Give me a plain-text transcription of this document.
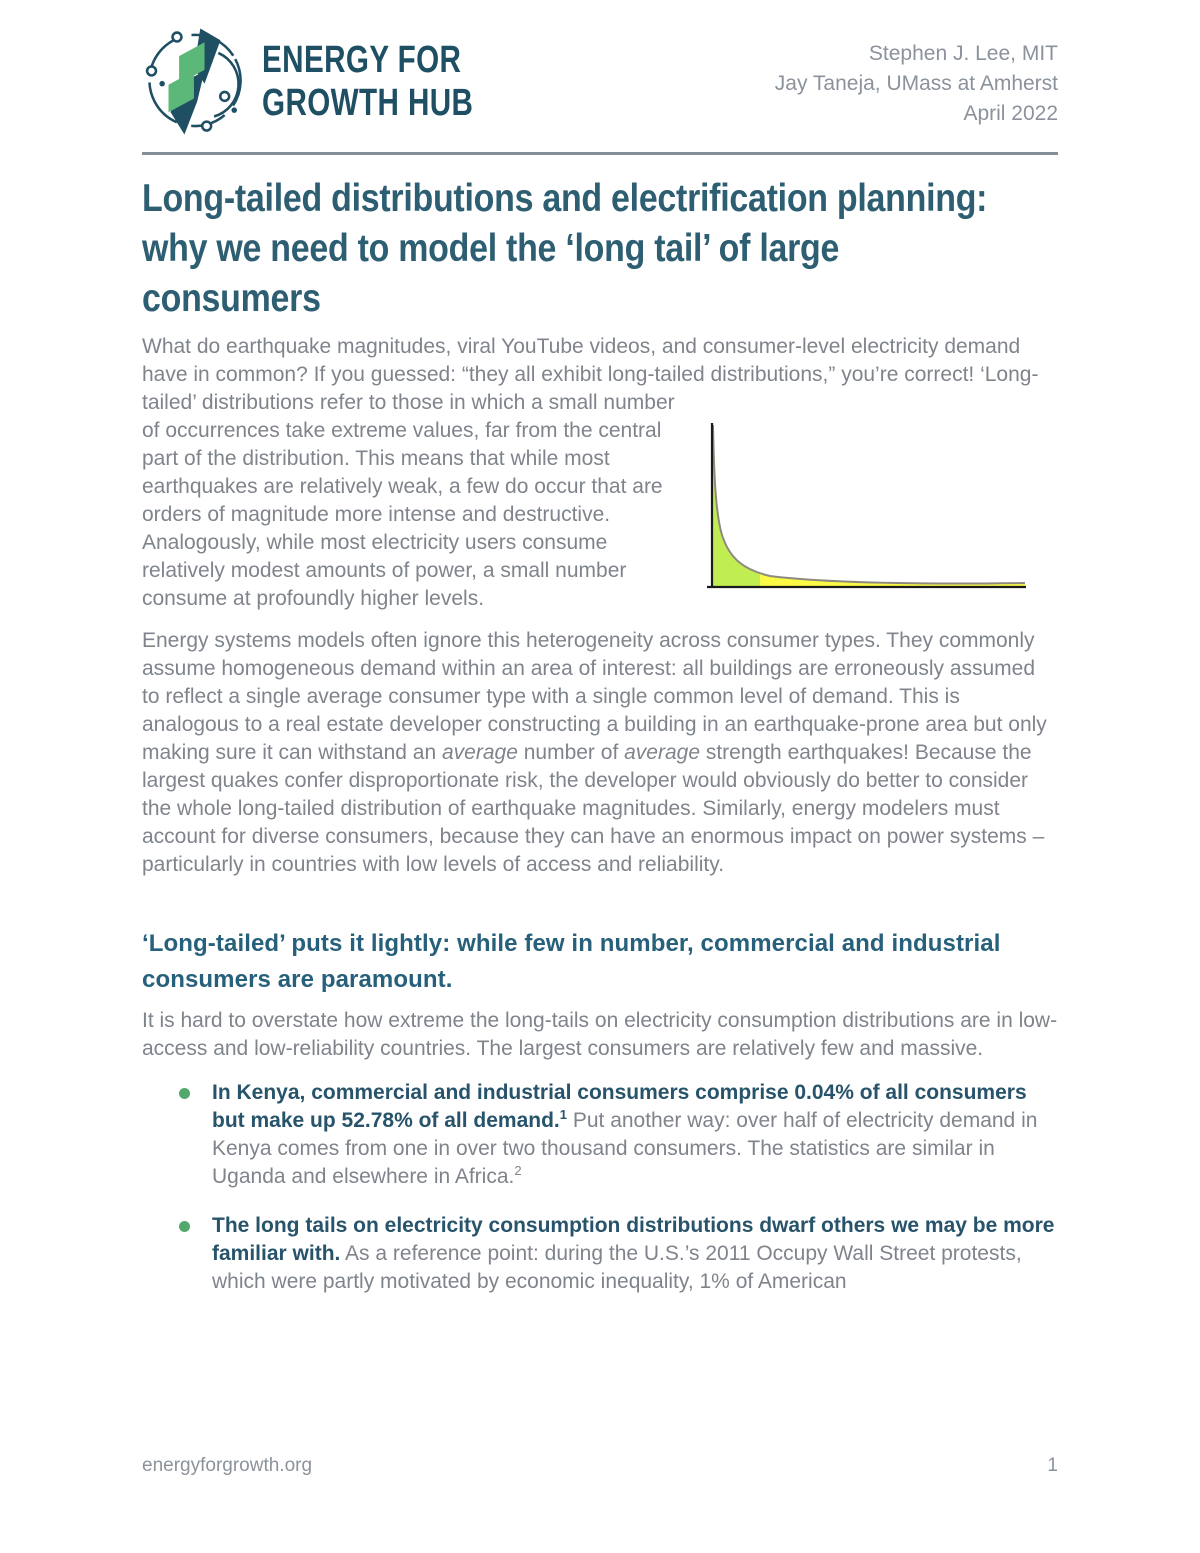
ENERGY FOR
GROWTH HUB
Stephen J. Lee, MIT
Jay Taneja, UMass at Amherst
April 2022
Long-tailed distributions and electrification planning:
why we need to model the ‘long tail’ of large
consumers

What do earthquake magnitudes, viral YouTube videos, and consumer-level electricity demand have in common? If you guessed: “they all exhibit long-tailed distributions,” you’re correct!
‘Long-tailed’ distributions refer to those in which a small number of occurrences take extreme values, far from the central part of the distribution. This means that while most earthquakes are relatively weak, a few do occur that are orders of magnitude more intense and destructive. Analogously, while most electricity users consume relatively modest amounts of power, a small number consume at profoundly higher levels.

Energy systems models often ignore this heterogeneity across consumer types. They commonly assume homogeneous demand within an area of interest: all buildings are erroneously assumed to reflect a single average consumer type with a single common level of demand. This is analogous to a real estate developer constructing a building in an earthquake-prone area but only making sure it can withstand an average number of average strength earthquakes! Because the largest quakes confer disproportionate risk, the developer would obviously do better to consider the whole long-tailed distribution of earthquake magnitudes. Similarly, energy modelers must account for diverse consumers, because they can have an enormous impact on power systems – particularly in countries with low levels of access and reliability.

‘Long-tailed’ puts it lightly: while few in number, commercial and industrial
consumers are paramount.

It is hard to overstate how extreme the long-tails on electricity consumption distributions are in low-access and low-reliability countries. The largest consumers are relatively few and massive.

In Kenya, commercial and industrial consumers comprise 0.04% of all consumers but make up 52.78% of all demand.$^1$ Put another way: over half of electricity demand in Kenya comes from one in over two thousand consumers. The statistics are similar in Uganda and elsewhere in Africa.$^2$
The long tails on electricity consumption distributions dwarf others we may be more familiar with. As a reference point: during the U.S.’s 2011 Occupy Wall Street protests, which were partly motivated by economic inequality, 1% of American
energyforgrowth.org	1
